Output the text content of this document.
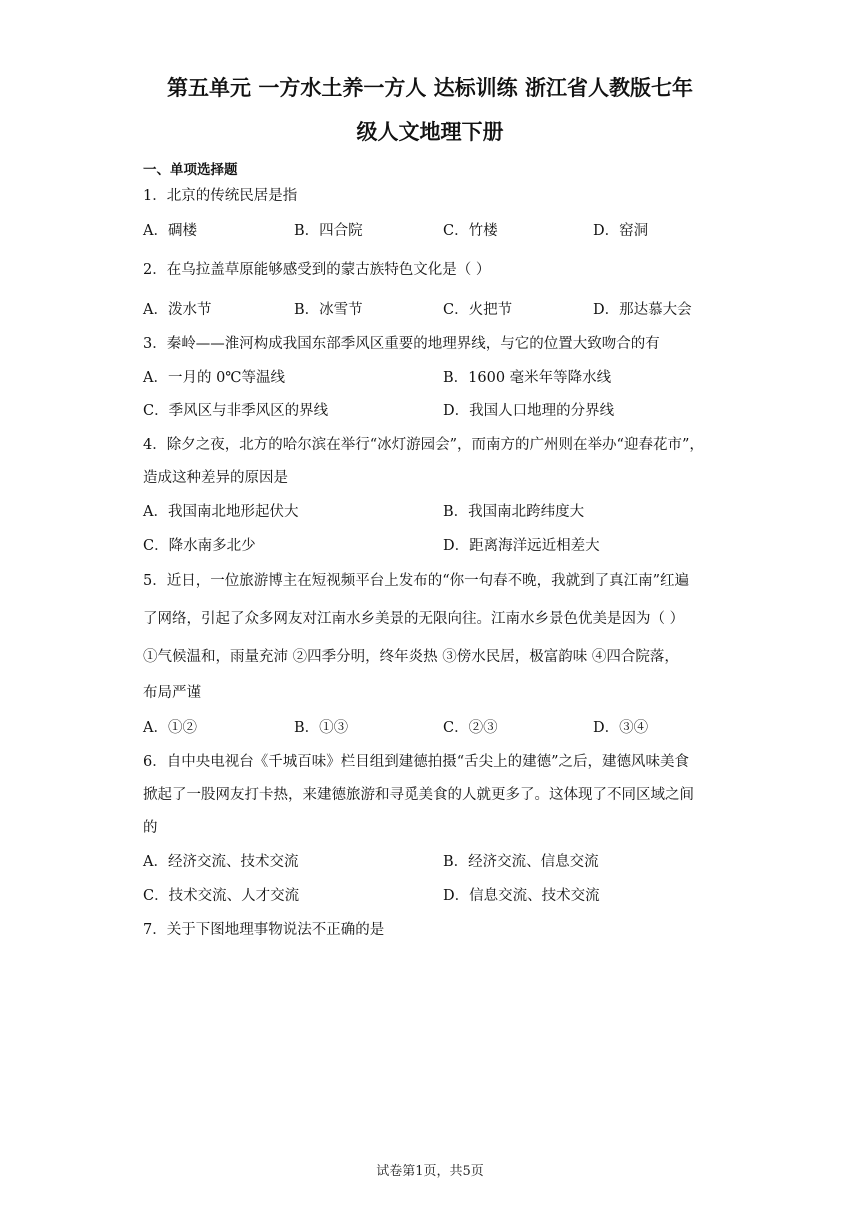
第五单元 一方水土养一方人 达标训练 浙江省人教版七年
级人文地理下册
一、单项选择题
1．北京的传统民居是指
A．碉楼	B．四合院	C．竹楼	D．窑洞
2．在乌拉盖草原能够感受到的蒙古族特色文化是（ ）
A．泼水节	B．冰雪节	C．火把节	D．那达慕大会
3．秦岭——淮河构成我国东部季风区重要的地理界线，与它的位置大致吻合的有
A．一月的 0℃等温线	B．1600 毫米年等降水线
C．季风区与非季风区的界线	D．我国人口地理的分界线
4．除夕之夜，北方的哈尔滨在举行“冰灯游园会”，而南方的广州则在举办“迎春花市”，
造成这种差异的原因是
A．我国南北地形起伏大	B．我国南北跨纬度大
C．降水南多北少	D．距离海洋远近相差大
5．近日，一位旅游博主在短视频平台上发布的“你一句春不晚，我就到了真江南”红遍
了网络，引起了众多网友对江南水乡美景的无限向往。江南水乡景色优美是因为（ ）
①气候温和，雨量充沛 ②四季分明，终年炎热 ③傍水民居，极富韵味 ④四合院落，
布局严谨
A．①②	B．①③	C．②③	D．③④
6．自中央电视台《千城百味》栏目组到建德拍摄“舌尖上的建德”之后，建德风味美食
掀起了一股网友打卡热，来建德旅游和寻觅美食的人就更多了。这体现了不同区域之间
的
A．经济交流、技术交流	B．经济交流、信息交流
C．技术交流、人才交流	D．信息交流、技术交流
7．关于下图地理事物说法不正确的是
试卷第1页，共5页
